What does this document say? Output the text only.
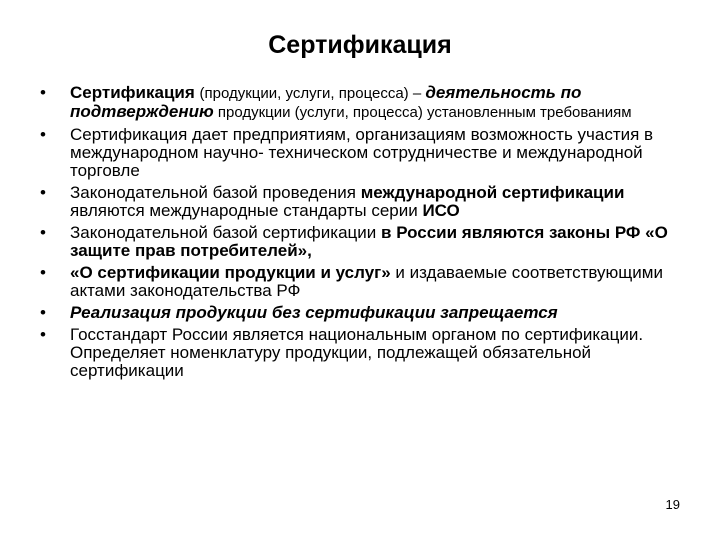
Сертификация
•	Сертификация (продукции, услуги, процесса) – деятельность по подтверждению продукции (услуги, процесса) установленным требованиям
•	Сертификация дает предприятиям, организациям возможность участия в международном научно- техническом сотрудничестве и международной торговле
•	Законодательной базой проведения международной сертификации являются международные стандарты серии ИСО
•	Законодательной базой сертификации в России являются законы РФ «О защите прав потребителей»,
•	«О сертификации продукции и услуг» и издаваемые соответствующими актами законодательства РФ
•	Реализация продукции без сертификации запрещается
•	Госстандарт России является национальным органом по сертификации. Определяет номенклатуру продукции, подлежащей обязательной сертификации
19
